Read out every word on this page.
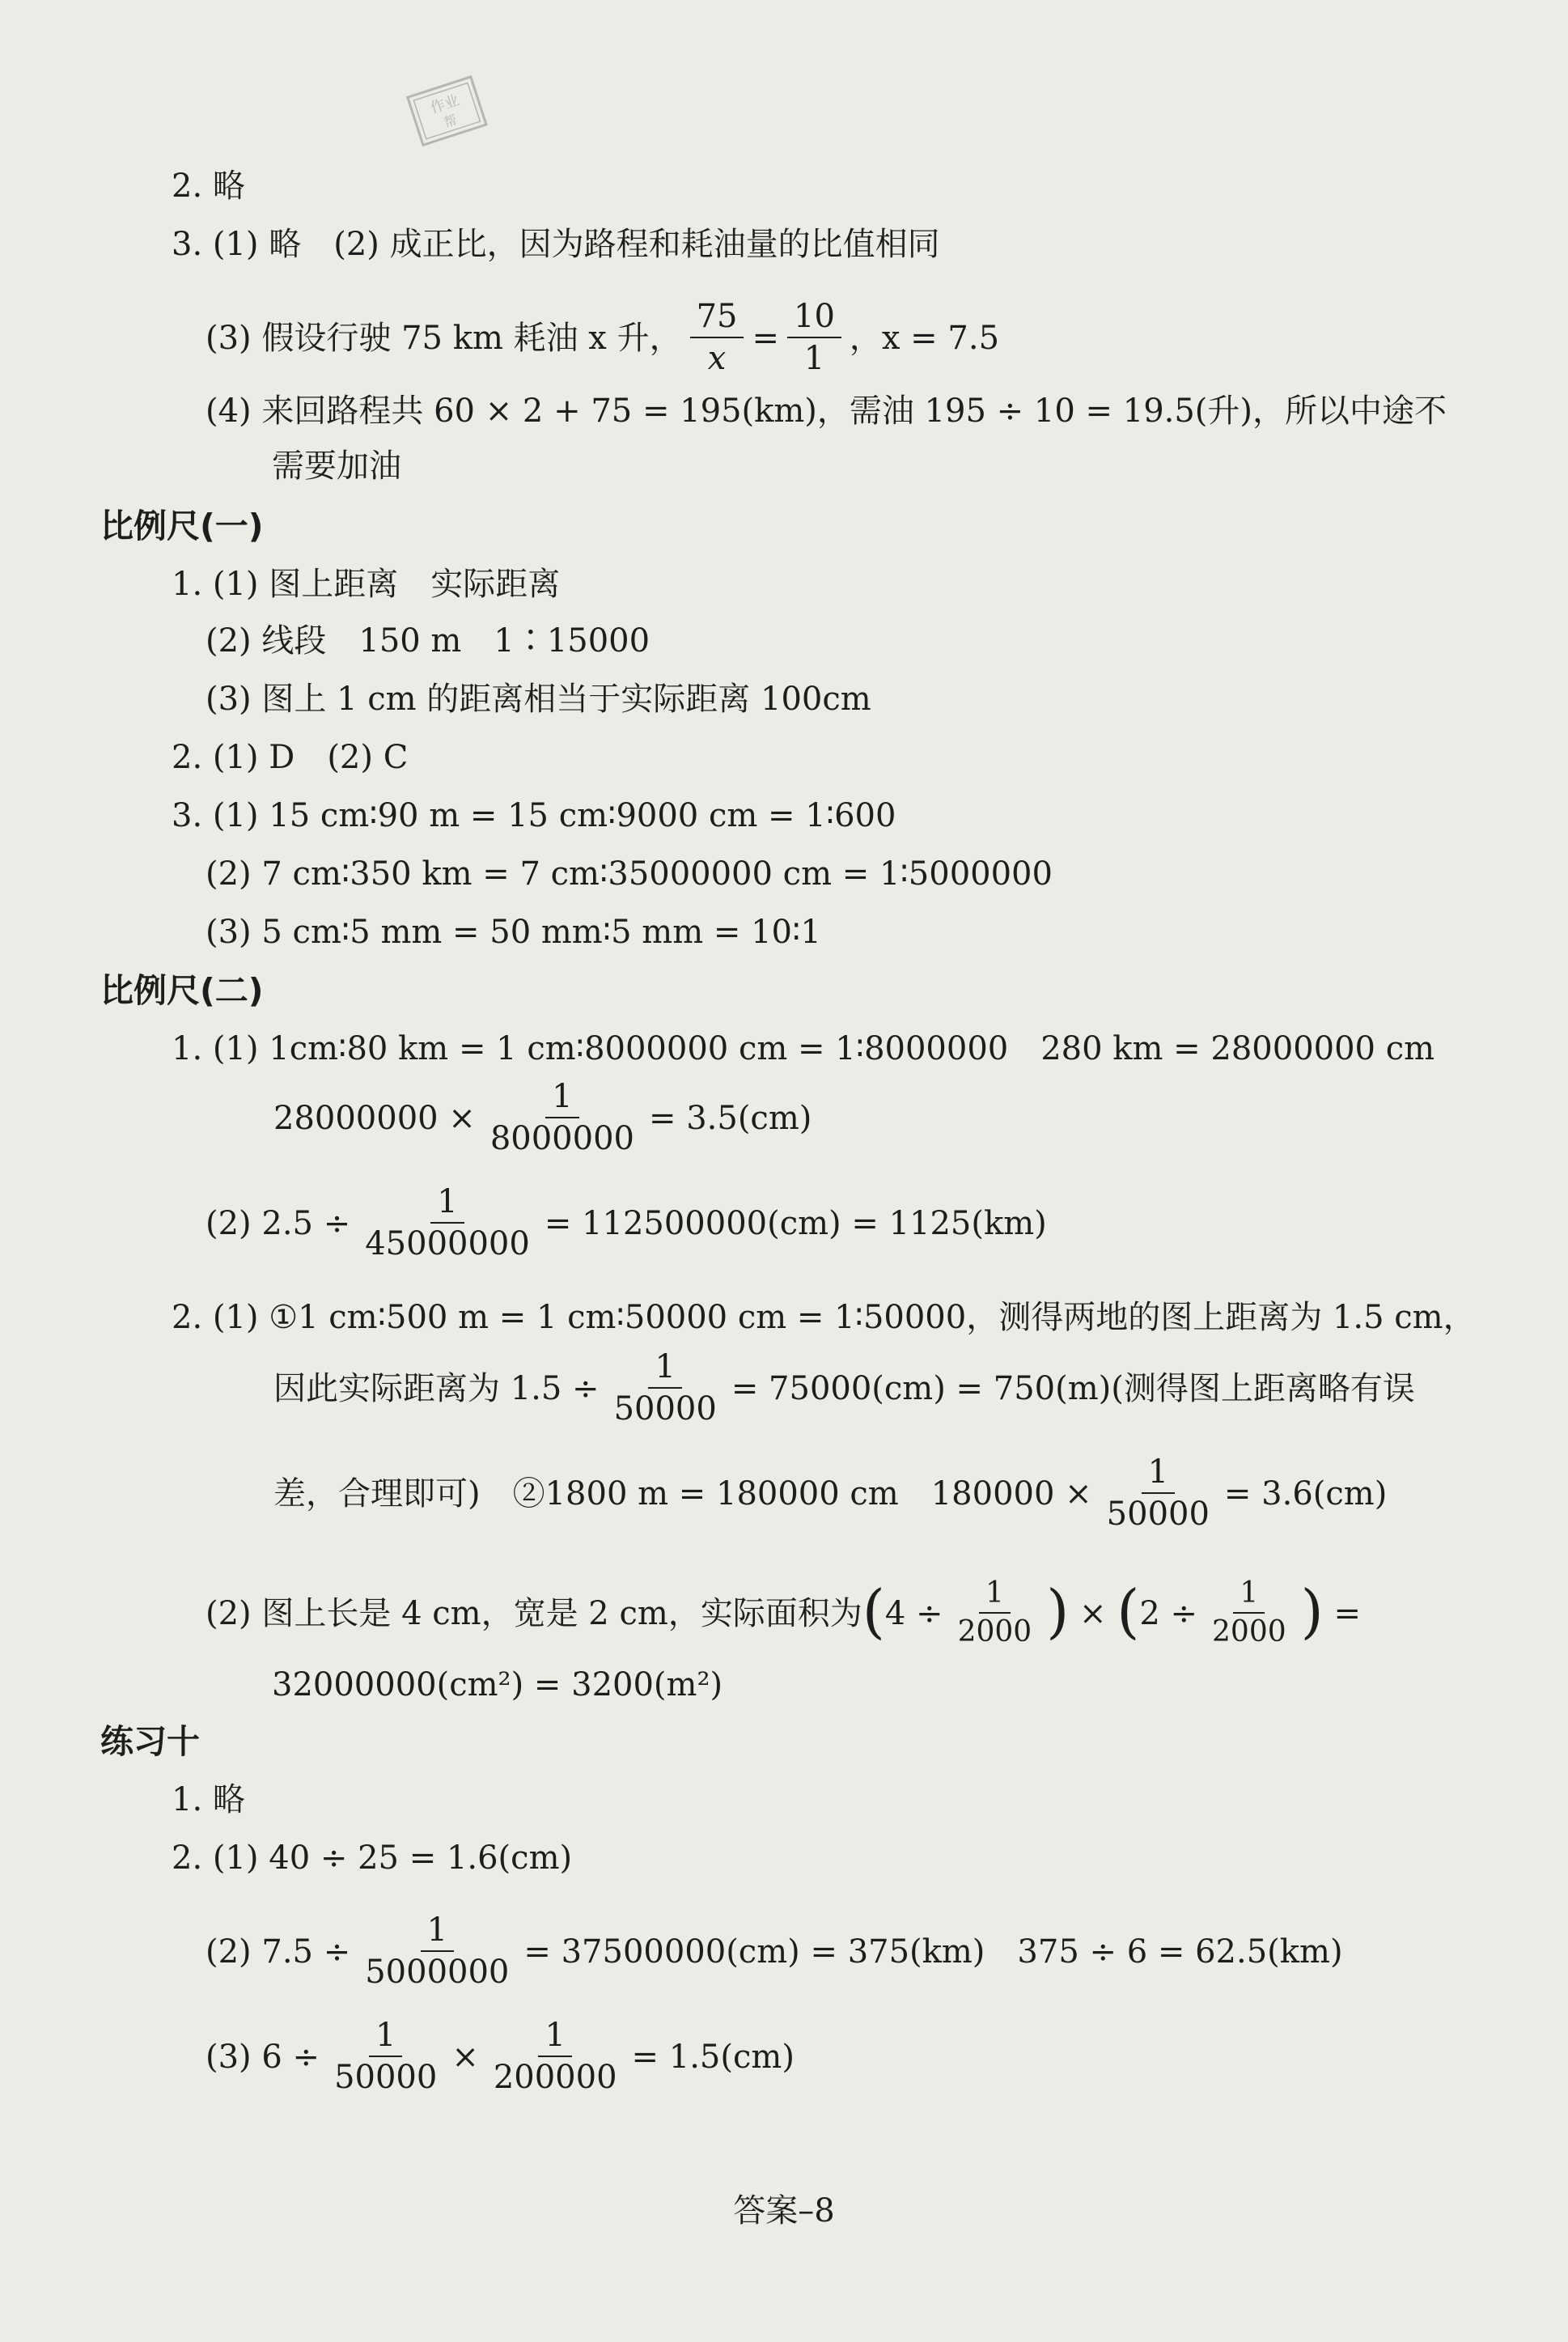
作业
帮
2. 略
3. (1) 略　(2) 成正比，因为路程和耗油量的比值相同
(3) 假设行驶 75 km 耗油 x 升， $\frac{75}{x} = \frac{10}{1}$ ，x = 7.5
(4) 来回路程共 60 × 2 + 75 = 195(km)，需油 195 ÷ 10 = 19.5(升)，所以中途不
需要加油
比例尺(一)
1. (1) 图上距离　实际距离
(2) 线段　150 m　1∶15000
(3) 图上 1 cm 的距离相当于实际距离 100cm
2. (1) D　(2) C
3. (1) 15 cm∶90 m = 15 cm∶9000 cm = 1∶600
(2) 7 cm∶350 km = 7 cm∶35000000 cm = 1∶5000000
(3) 5 cm∶5 mm = 50 mm∶5 mm = 10∶1
比例尺(二)
1. (1) 1cm∶80 km = 1 cm∶8000000 cm = 1∶8000000　280 km = 28000000 cm
$28000000 \times \frac{1}{8000000} = 3.5(cm)$
(2) $2.5 \div \frac{1}{45000000} = 112500000(cm) = 1125(km)$
2. (1) ①1 cm∶500 m = 1 cm∶50000 cm = 1∶50000，测得两地的图上距离为 1.5 cm，
因此实际距离为 $1.5 \div \frac{1}{50000} = 75000(cm) = 750(m)$(测得图上距离略有误
差，合理即可)　②1800 m = 180000 cm　$180000 \times \frac{1}{50000} = 3.6(cm)$
(2) 图上长是 4 cm，宽是 2 cm，实际面积为($4 \div \frac{1}{2000}$ ) × ($2 \div \frac{1}{2000}$ ) =
32000000(cm²) = 3200(m²)
练习十
1. 略
2. (1) 40 ÷ 25 = 1.6(cm)
(2) $7.5 \div \frac{1}{5000000} = 37500000(cm) = 375(km)$　375 ÷ 6 = 62.5(km)
(3) $6 \div \frac{1}{50000} \times \frac{1}{200000} = 1.5(cm)$
答案–8
